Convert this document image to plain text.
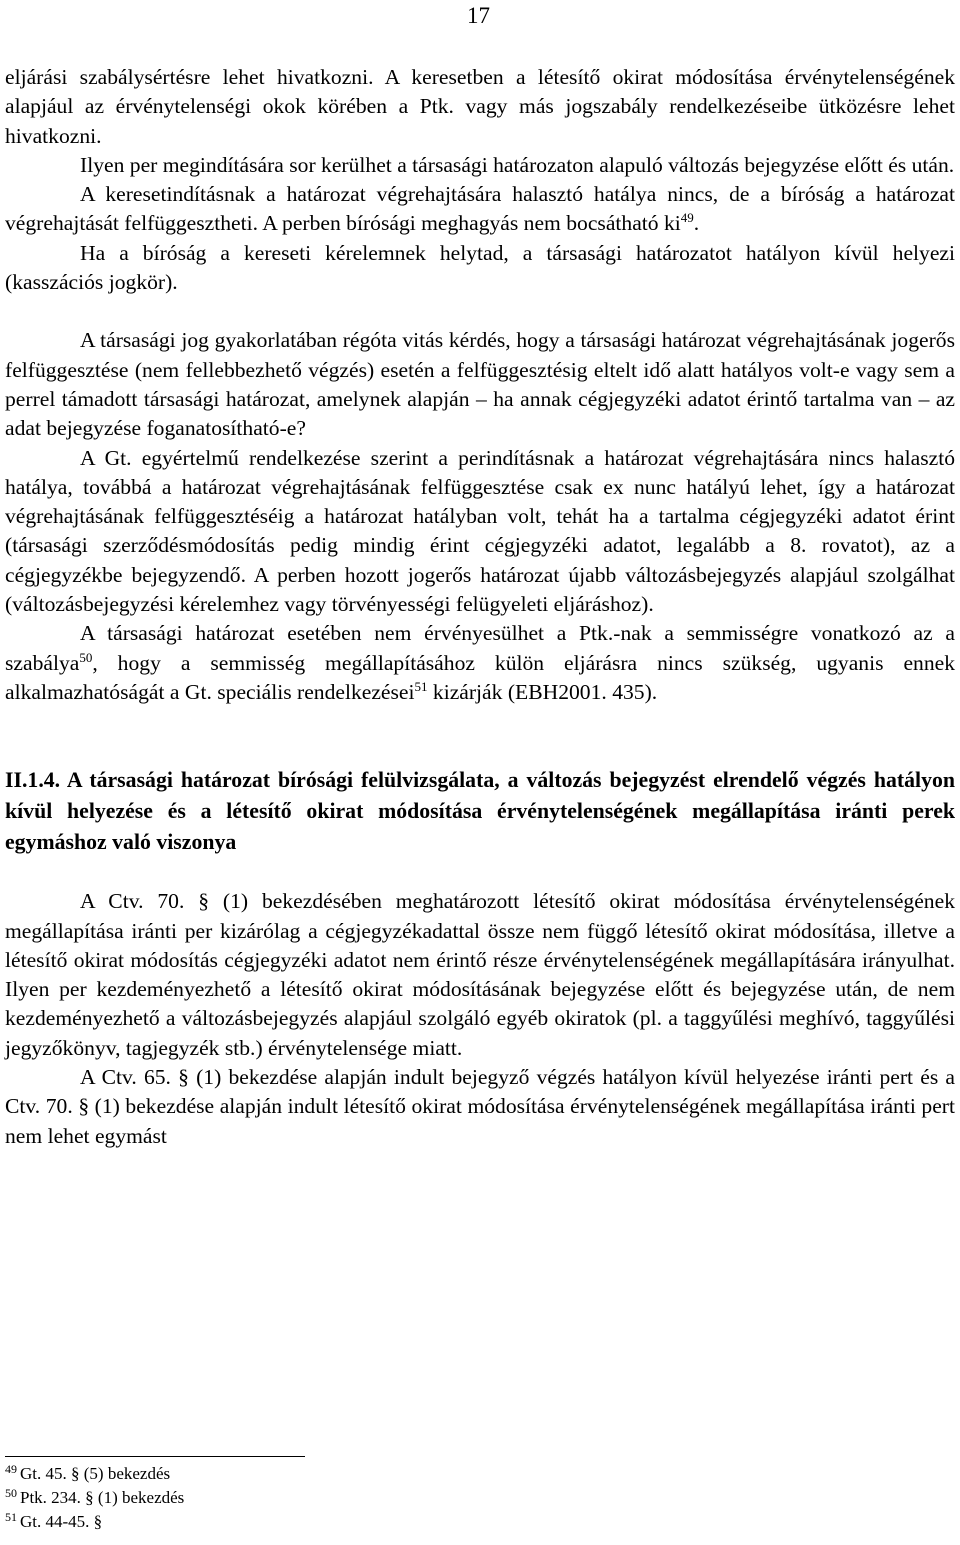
17

eljárási szabálysértésre lehet hivatkozni. A keresetben a létesítő okirat módosítása érvénytelenségének alapjául az érvénytelenségi okok körében a Ptk. vagy más jogszabály rendelkezéseibe ütközésre lehet hivatkozni.

Ilyen per megindítására sor kerülhet a társasági határozaton alapuló változás bejegyzése előtt és után.

A keresetindításnak a határozat végrehajtására halasztó hatálya nincs, de a bíróság a határozat végrehajtását felfüggesztheti. A perben bírósági meghagyás nem bocsátható $ki^{49}$.

Ha a bíróság a kereseti kérelemnek helytad, a társasági határozatot hatályon kívül helyezi (kasszációs jogkör).

A társasági jog gyakorlatában régóta vitás kérdés, hogy a társasági határozat végrehajtásának jogerős felfüggesztése (nem fellebbezhető végzés) esetén a felfüggesztésig eltelt idő alatt hatályos volt-e vagy sem a perrel támadott társasági határozat, amelynek alapján – ha annak cégjegyzéki adatot érintő tartalma van – az adat bejegyzése foganatosítható-e?

A Gt. egyértelmű rendelkezése szerint a perindításnak a határozat végrehajtására nincs halasztó hatálya, továbbá a határozat végrehajtásának felfüggesztése csak ex nunc hatályú lehet, így a határozat végrehajtásának felfüggesztéséig a határozat hatályban volt, tehát ha a tartalma cégjegyzéki adatot érint (társasági szerződésmódosítás pedig mindig érint cégjegyzéki adatot, legalább a 8. rovatot), az a cégjegyzékbe bejegyzendő. A perben hozott jogerős határozat újabb változásbejegyzés alapjául szolgálhat (változásbejegyzési kérelemhez vagy törvényességi felügyeleti eljáráshoz).

A társasági határozat esetében nem érvényesülhet a Ptk.-nak a semmisségre vonatkozó az a szabálya$^{50}$, hogy a semmisség megállapításához külön eljárásra nincs szükség, ugyanis ennek alkalmazhatóságát a Gt. speciális rendelkezései$^{51}$ kizárják (EBH2001. 435).

II.1.4. A társasági határozat bírósági felülvizsgálata, a változás bejegyzést elrendelő végzés hatályon kívül helyezése és a létesítő okirat módosítása érvénytelenségének megállapítása iránti perek egymáshoz való viszonya

A Ctv. 70. § (1) bekezdésében meghatározott létesítő okirat módosítása érvénytelenségének megállapítása iránti per kizárólag a cégjegyzékadattal össze nem függő létesítő okirat módosítása, illetve a létesítő okirat módosítás cégjegyzéki adatot nem érintő része érvénytelenségének megállapítására irányulhat. Ilyen per kezdeményezhető a létesítő okirat módosításának bejegyzése előtt és bejegyzése után, de nem kezdeményezhető a változásbejegyzés alapjául szolgáló egyéb okiratok (pl. a taggyűlési meghívó, taggyűlési jegyzőkönyv, tagjegyzék stb.) érvénytelensége miatt.

A Ctv. 65. § (1) bekezdése alapján indult bejegyző végzés hatályon kívül helyezése iránti pert és a Ctv. 70. § (1) bekezdése alapján indult létesítő okirat módosítása érvénytelenségének megállapítása iránti pert nem lehet egymást

$^{49}$ Gt. 45. § (5) bekezdés

$^{50}$ Ptk. 234. § (1) bekezdés

$^{51}$ Gt. 44-45. §
